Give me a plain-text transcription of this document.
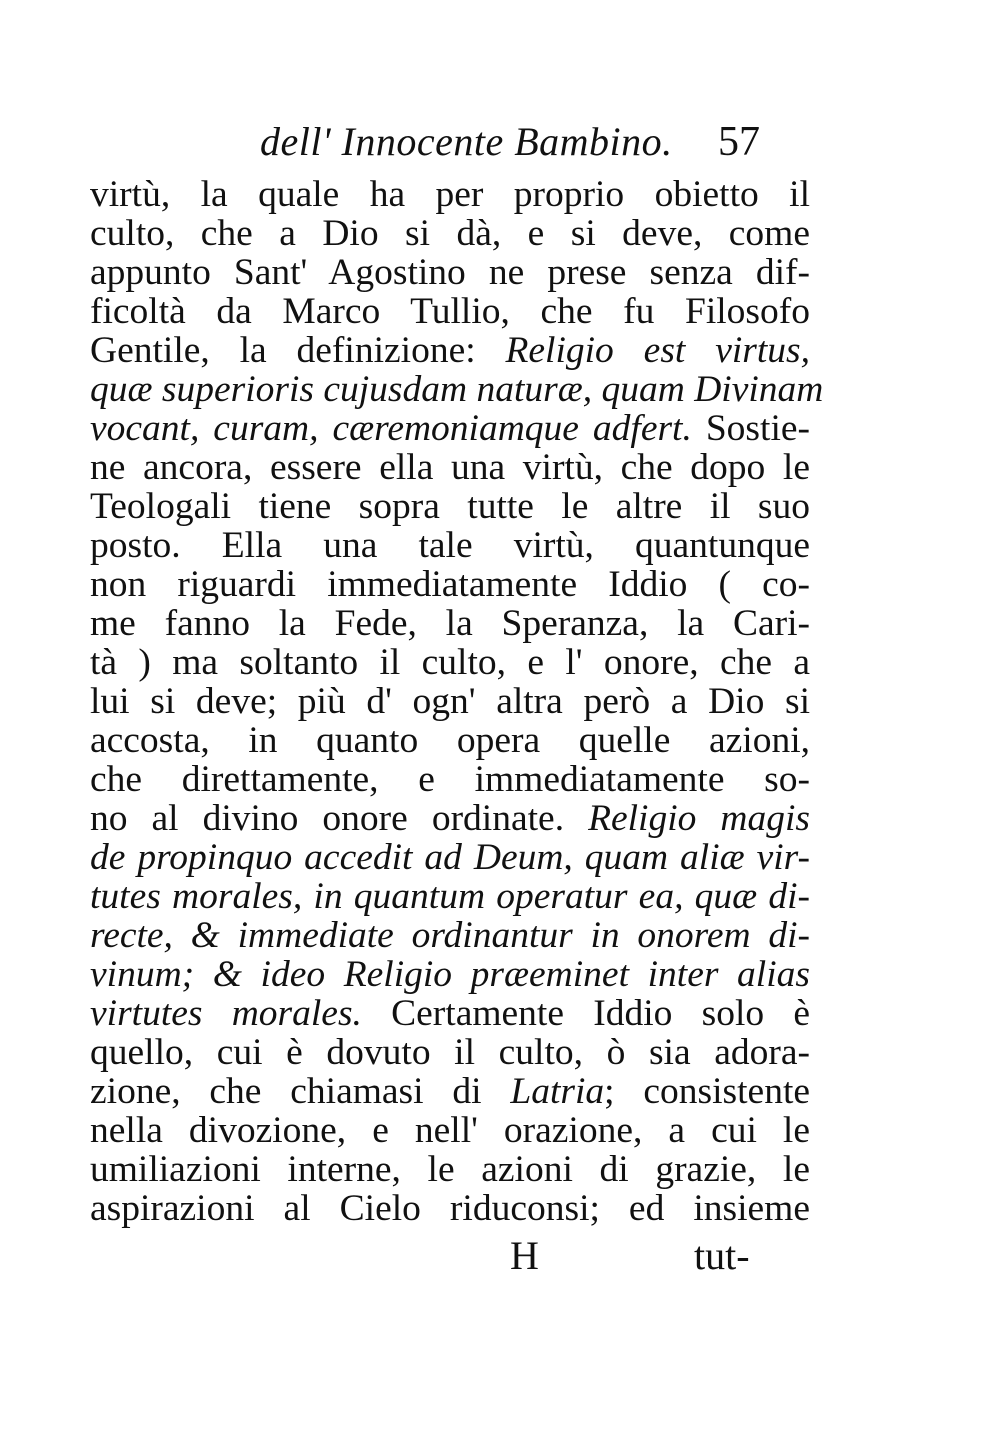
dell' Innocente Bambino. 57
virtù, la quale ha per proprio obietto il
culto, che a Dio si dà, e si deve, come
appunto Sant' Agostino ne prese senza dif-
ficoltà da Marco Tullio, che fu Filosofo
Gentile, la definizione: Religio est virtus,
quæ superioris cujusdam naturæ, quam Divinam
vocant, curam, cæremoniamque adfert. Sostie-
ne ancora, essere ella una virtù, che dopo le
Teologali tiene sopra tutte le altre il suo
posto. Ella una tale virtù, quantunque
non riguardi immediatamente Iddio ( co-
me fanno la Fede, la Speranza, la Cari-
tà ) ma soltanto il culto, e l' onore, che a
lui si deve; più d' ogn' altra però a Dio si
accosta, in quanto opera quelle azioni,
che direttamente, e immediatamente so-
no al divino onore ordinate. Religio magis
de propinquo accedit ad Deum, quam aliæ vir-
tutes morales, in quantum operatur ea, quæ di-
recte, & immediate ordinantur in onorem di-
vinum; & ideo Religio præeminet inter alias
virtutes morales. Certamente Iddio solo è
quello, cui è dovuto il culto, ò sia adora-
zione, che chiamasi di Latria; consistente
nella divozione, e nell' orazione, a cui le
umiliazioni interne, le azioni di grazie, le
aspirazioni al Cielo riduconsi; ed insieme
H	tut-
